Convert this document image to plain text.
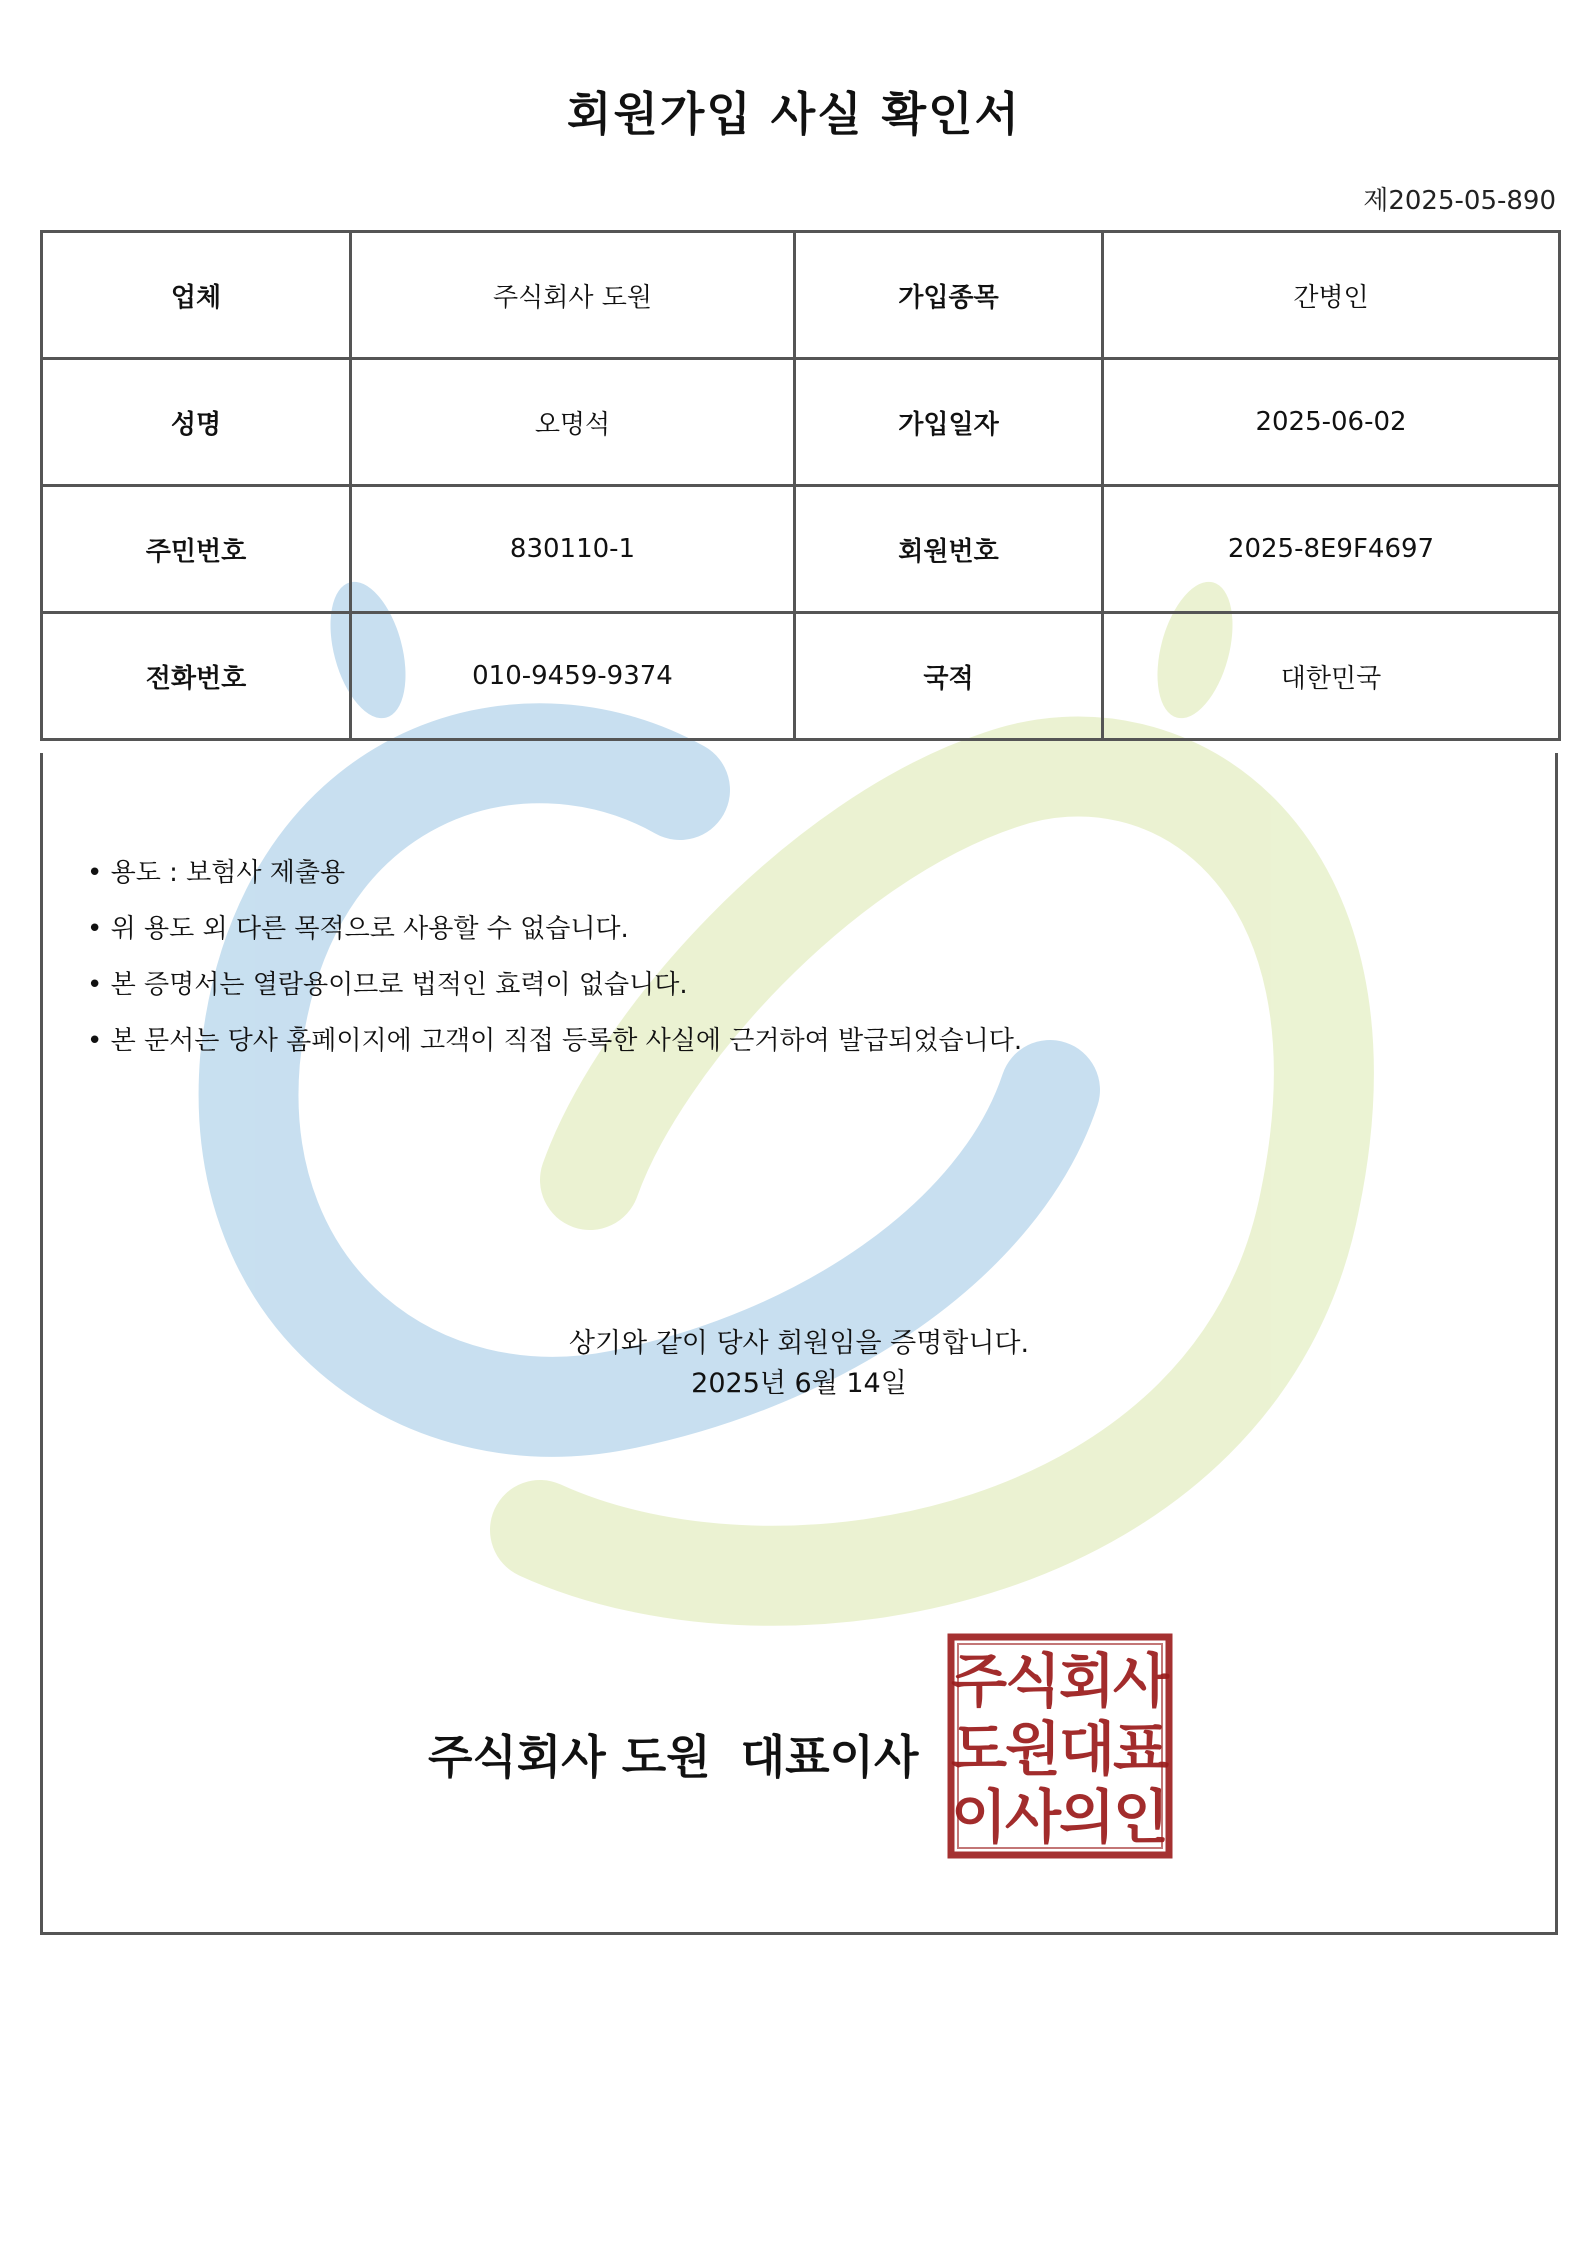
회원가입 사실 확인서
제2025-05-890
업체	주식회사 도원	가입종목	간병인
성명	오명석	가입일자	2025-06-02
주민번호	830110-1	회원번호	2025-8E9F4697
전화번호	010-9459-9374	국적	대한민국
• 용도 : 보험사 제출용
• 위 용도 외 다른 목적으로 사용할 수 없습니다.
• 본 증명서는 열람용이므로 법적인 효력이 없습니다.
• 본 문서는 당사 홈페이지에 고객이 직접 등록한 사실에 근거하여 발급되었습니다.
상기와 같이 당사 회원임을 증명합니다.
2025년 6월 14일
주식회사 도원 대표이사
주
식
회
사
도
원
대
표
이
사
의
인
